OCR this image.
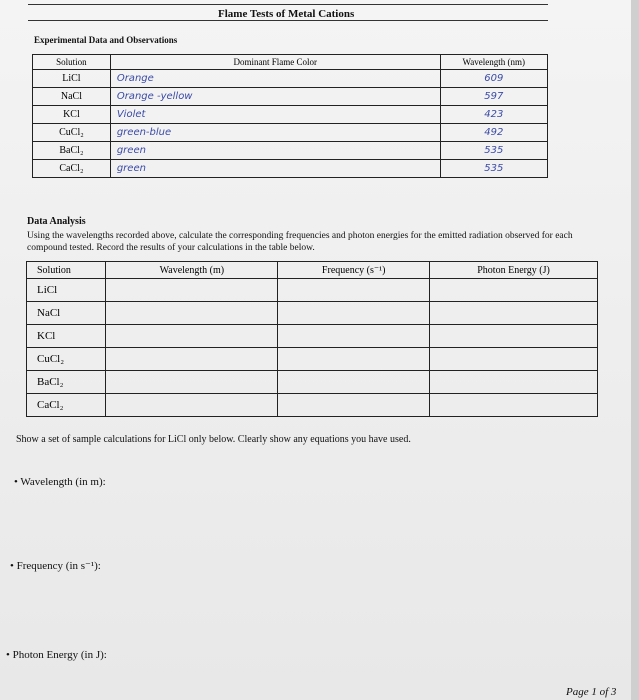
Flame Tests of Metal Cations
Experimental Data and Observations
Solution	Dominant Flame Color	Wavelength (nm)
LiCl	Orange	609
NaCl	Orange -yellow	597
KCl	Violet	423
CuCl₂	green-blue	492
BaCl₂	green	535
CaCl₂	green	535
Data Analysis
Using the wavelengths recorded above, calculate the corresponding frequencies and photon energies for the emitted radiation observed for each compound tested. Record the results of your calculations in the table below.
Solution	Wavelength (m)	Frequency (s⁻¹)	Photon Energy (J)
LiCl			
NaCl			
KCl			
CuCl₂			
BaCl₂			
CaCl₂			
Show a set of sample calculations for LiCl only below. Clearly show any equations you have used.
• Wavelength (in m):
• Frequency (in s⁻¹):
• Photon Energy (in J):
Page 1 of 3
